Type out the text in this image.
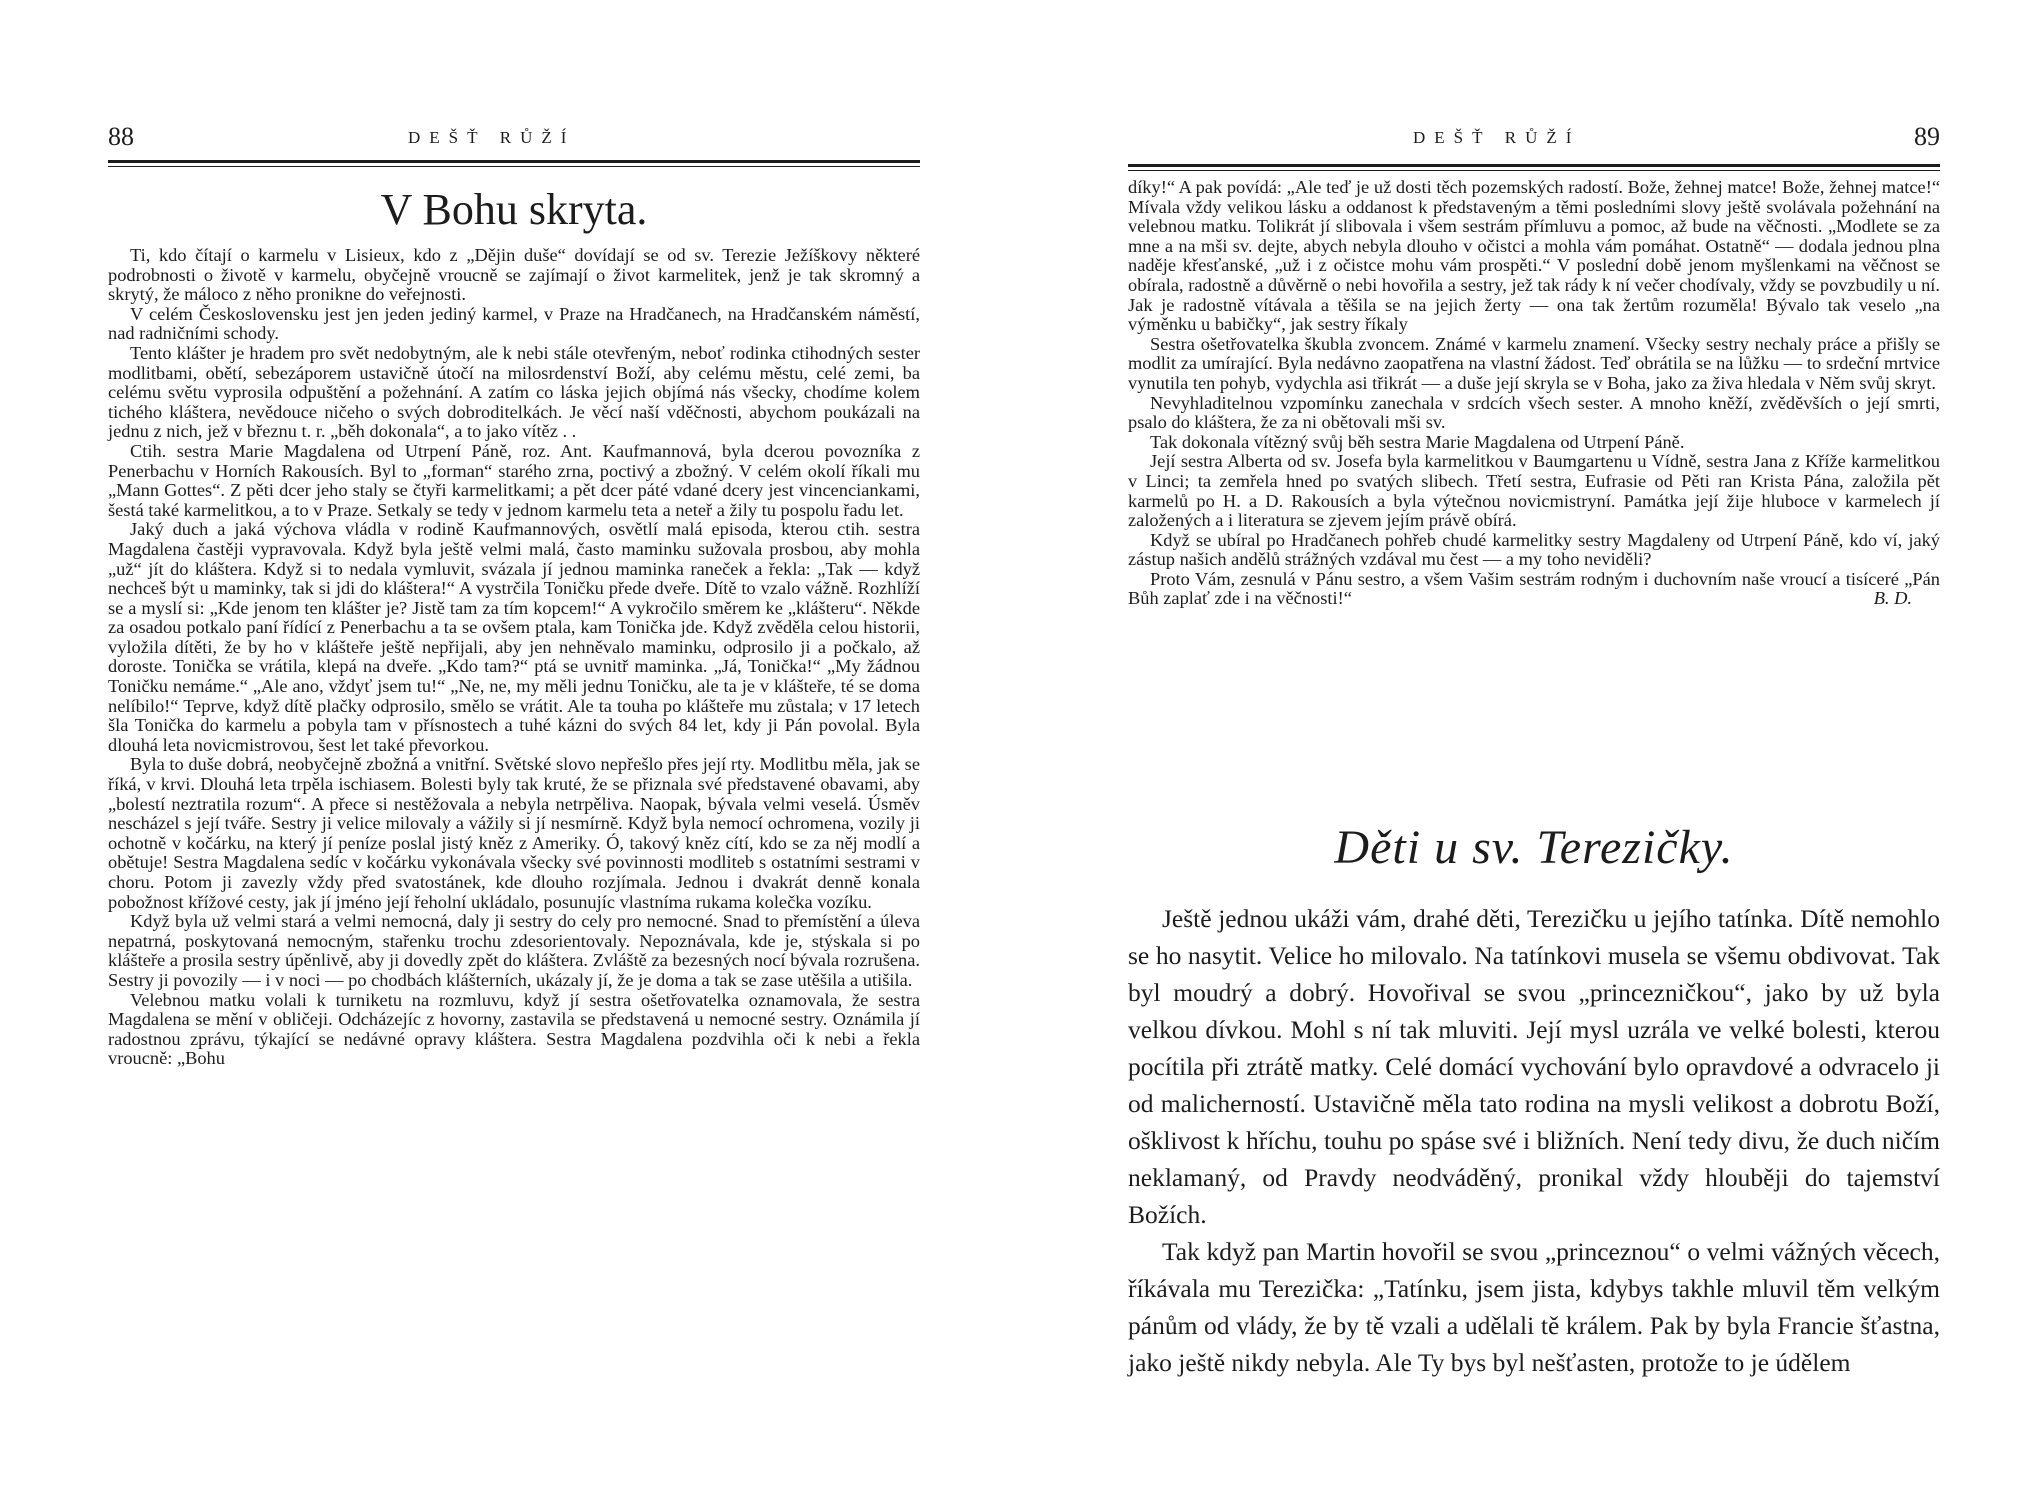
88	DEŠŤ RŮŽÍ
V Bohu skryta.

Ti, kdo čítají o karmelu v Lisieux, kdo z „Dějin duše“ dovídají se od sv. Terezie Ježíškovy některé podrobnosti o životě v karmelu, obyčejně vroucně se zajímají o život karmelitek, jenž je tak skromný a skrytý, že máloco z něho pronikne do veřejnosti.

V celém Československu jest jen jeden jediný karmel, v Praze na Hradčanech, na Hradčanském náměstí, nad radničními schody.

Tento klášter je hradem pro svět nedobytným, ale k nebi stále otevřeným, neboť rodinka ctihodných sester modlitbami, obětí, sebezáporem ustavičně útočí na milosrdenství Boží, aby celému městu, celé zemi, ba celému světu vyprosila odpuštění a požehnání. A zatím co láska jejich objímá nás všecky, chodíme kolem tichého kláštera, nevědouce ničeho o svých dobroditelkách. Je věcí naší vděčnosti, abychom poukázali na jednu z nich, jež v březnu t. r. „běh dokonala“, a to jako vítěz . .

Ctih. sestra Marie Magdalena od Utrpení Páně, roz. Ant. Kaufmannová, byla dcerou povozníka z Penerbachu v Horních Rakousích. Byl to „forman“ starého zrna, poctivý a zbožný. V celém okolí říkali mu „Mann Gottes“. Z pěti dcer jeho staly se čtyři karmelitkami; a pět dcer páté vdané dcery jest vincenciankami, šestá také karmelitkou, a to v Praze. Setkaly se tedy v jednom karmelu teta a neteř a žily tu pospolu řadu let.

Jaký duch a jaká výchova vládla v rodině Kaufmannových, osvětlí malá episoda, kterou ctih. sestra Magdalena častěji vypravovala. Když byla ještě velmi malá, často maminku sužovala prosbou, aby mohla „už“ jít do kláštera. Když si to nedala vymluvit, svázala jí jednou maminka raneček a řekla: „Tak — když nechceš být u maminky, tak si jdi do kláštera!“ A vystrčila Toničku přede dveře. Dítě to vzalo vážně. Rozhlíží se a myslí si: „Kde jenom ten klášter je? Jistě tam za tím kopcem!“ A vykročilo směrem ke „klášteru“. Někde za osadou potkalo paní řídící z Penerbachu a ta se ovšem ptala, kam Tonička jde. Když zvěděla celou historii, vyložila dítěti, že by ho v klášteře ještě nepřijali, aby jen nehněvalo maminku, odprosilo ji a počkalo, až doroste. Tonička se vrátila, klepá na dveře. „Kdo tam?“ ptá se uvnitř maminka. „Já, Tonička!“ „My žádnou Toničku nemáme.“ „Ale ano, vždyť jsem tu!“ „Ne, ne, my měli jednu Toničku, ale ta je v klášteře, té se doma nelíbilo!“ Teprve, když dítě plačky odprosilo, smělo se vrátit. Ale ta touha po klášteře mu zůstala; v 17 letech šla Tonička do karmelu a pobyla tam v přísnostech a tuhé kázni do svých 84 let, kdy ji Pán povolal. Byla dlouhá leta novicmistrovou, šest let také převorkou.

Byla to duše dobrá, neobyčejně zbožná a vnitřní. Světské slovo nepřešlo přes její rty. Modlitbu měla, jak se říká, v krvi. Dlouhá leta trpěla ischiasem. Bolesti byly tak kruté, že se přiznala své představené obavami, aby „bolestí neztratila rozum“. A přece si nestěžovala a nebyla netrpěliva. Naopak, bývala velmi veselá. Úsměv nescházel s její tváře. Sestry ji velice milovaly a vážily si jí nesmírně. Když byla nemocí ochromena, vozily ji ochotně v kočárku, na který jí peníze poslal jistý kněz z Ameriky. Ó, takový kněz cítí, kdo se za něj modlí a obětuje! Sestra Magdalena sedíc v kočárku vykonávala všecky své povinnosti modliteb s ostatními sestrami v choru. Potom ji zavezly vždy před svatostánek, kde dlouho rozjímala. Jednou i dvakrát denně konala pobožnost křížové cesty, jak jí jméno její řeholní ukládalo, posunujíc vlastníma rukama kolečka vozíku.

Když byla už velmi stará a velmi nemocná, daly ji sestry do cely pro nemocné. Snad to přemístění a úleva nepatrná, poskytovaná nemocným, stařenku trochu zdesorientovaly. Nepoznávala, kde je, stýskala si po klášteře a prosila sestry úpěnlivě, aby ji dovedly zpět do kláštera. Zvláště za bezesných nocí bývala rozrušena. Sestry ji povozily — i v noci — po chodbách klášterních, ukázaly jí, že je doma a tak se zase utěšila a utišila.

Velebnou matku volali k turniketu na rozmluvu, když jí sestra ošetřovatelka oznamovala, že sestra Magdalena se mění v obličeji. Odcházejíc z hovorny, zastavila se představená u nemocné sestry. Oznámila jí radostnou zprávu, týkající se nedávné opravy kláštera. Sestra Magdalena pozdvihla oči k nebi a řekla vroucně: „Bohu

DEŠŤ RŮŽÍ	89

díky!“ A pak povídá: „Ale teď je už dosti těch pozemských radostí. Bože, žehnej matce! Bože, žehnej matce!“ Mívala vždy velikou lásku a oddanost k představeným a těmi posledními slovy ještě svolávala požehnání na velebnou matku. Tolikrát jí slibovala i všem sestrám přímluvu a pomoc, až bude na věčnosti. „Modlete se za mne a na mši sv. dejte, abych nebyla dlouho v očistci a mohla vám pomáhat. Ostatně“ — dodala jednou plna naděje křesťanské, „už i z očistce mohu vám prospěti.“ V poslední době jenom myšlenkami na věčnost se obírala, radostně a důvěrně o nebi hovořila a sestry, jež tak rády k ní večer chodívaly, vždy se povzbudily u ní. Jak je radostně vítávala a těšila se na jejich žerty — ona tak žertům rozuměla! Bývalo tak veselo „na výměnku u babičky“, jak sestry říkaly

Sestra ošetřovatelka škubla zvoncem. Známé v karmelu znamení. Všecky sestry nechaly práce a přišly se modlit za umírající. Byla nedávno zaopatřena na vlastní žádost. Teď obrátila se na lůžku — to srdeční mrtvice vynutila ten pohyb, vydychla asi třikrát — a duše její skryla se v Boha, jako za živa hledala v Něm svůj skryt.

Nevyhladitelnou vzpomínku zanechala v srdcích všech sester. A mnoho kněží, zvěděvších o její smrti, psalo do kláštera, že za ni obětovali mši sv.

Tak dokonala vítězný svůj běh sestra Marie Magdalena od Utrpení Páně.

Její sestra Alberta od sv. Josefa byla karmelitkou v Baumgartenu u Vídně, sestra Jana z Kříže karmelitkou v Linci; ta zemřela hned po svatých slibech. Třetí sestra, Eufrasie od Pěti ran Krista Pána, založila pět karmelů po H. a D. Rakousích a byla výtečnou novicmistryní. Památka její žije hluboce v karmelech jí založených a i literatura se zjevem jejím právě obírá.

Když se ubíral po Hradčanech pohřeb chudé karmelitky sestry Magdaleny od Utrpení Páně, kdo ví, jaký zástup našich andělů strážných vzdával mu čest — a my toho neviděli?

Proto Vám, zesnulá v Pánu sestro, a všem Vašim sestrám rodným i duchovním naše vroucí a tisíceré „Pán Bůh zaplať zde i na věčnosti!“	B. D.

Děti u sv. Terezičky.

Ještě jednou ukáži vám, drahé děti, Terezičku u jejího tatínka. Dítě nemohlo se ho nasytit. Velice ho milovalo. Na tatínkovi musela se všemu obdivovat. Tak byl moudrý a dobrý. Hovořival se svou „princezničkou“, jako by už byla velkou dívkou. Mohl s ní tak mluviti. Její mysl uzrála ve velké bolesti, kterou pocítila při ztrátě matky. Celé domácí vychování bylo opravdové a odvracelo ji od malicherností. Ustavičně měla tato rodina na mysli velikost a dobrotu Boží, ošklivost k hříchu, touhu po spáse své i bližních. Není tedy divu, že duch ničím neklamaný, od Pravdy neodváděný, pronikal vždy hlouběji do tajemství Božích.

Tak když pan Martin hovořil se svou „princeznou“ o velmi vážných věcech, říkávala mu Terezička: „Tatínku, jsem jista, kdybys takhle mluvil těm velkým pánům od vlády, že by tě vzali a udělali tě králem. Pak by byla Francie šťastna, jako ještě nikdy nebyla. Ale Ty bys byl nešťasten, protože to je údělem
